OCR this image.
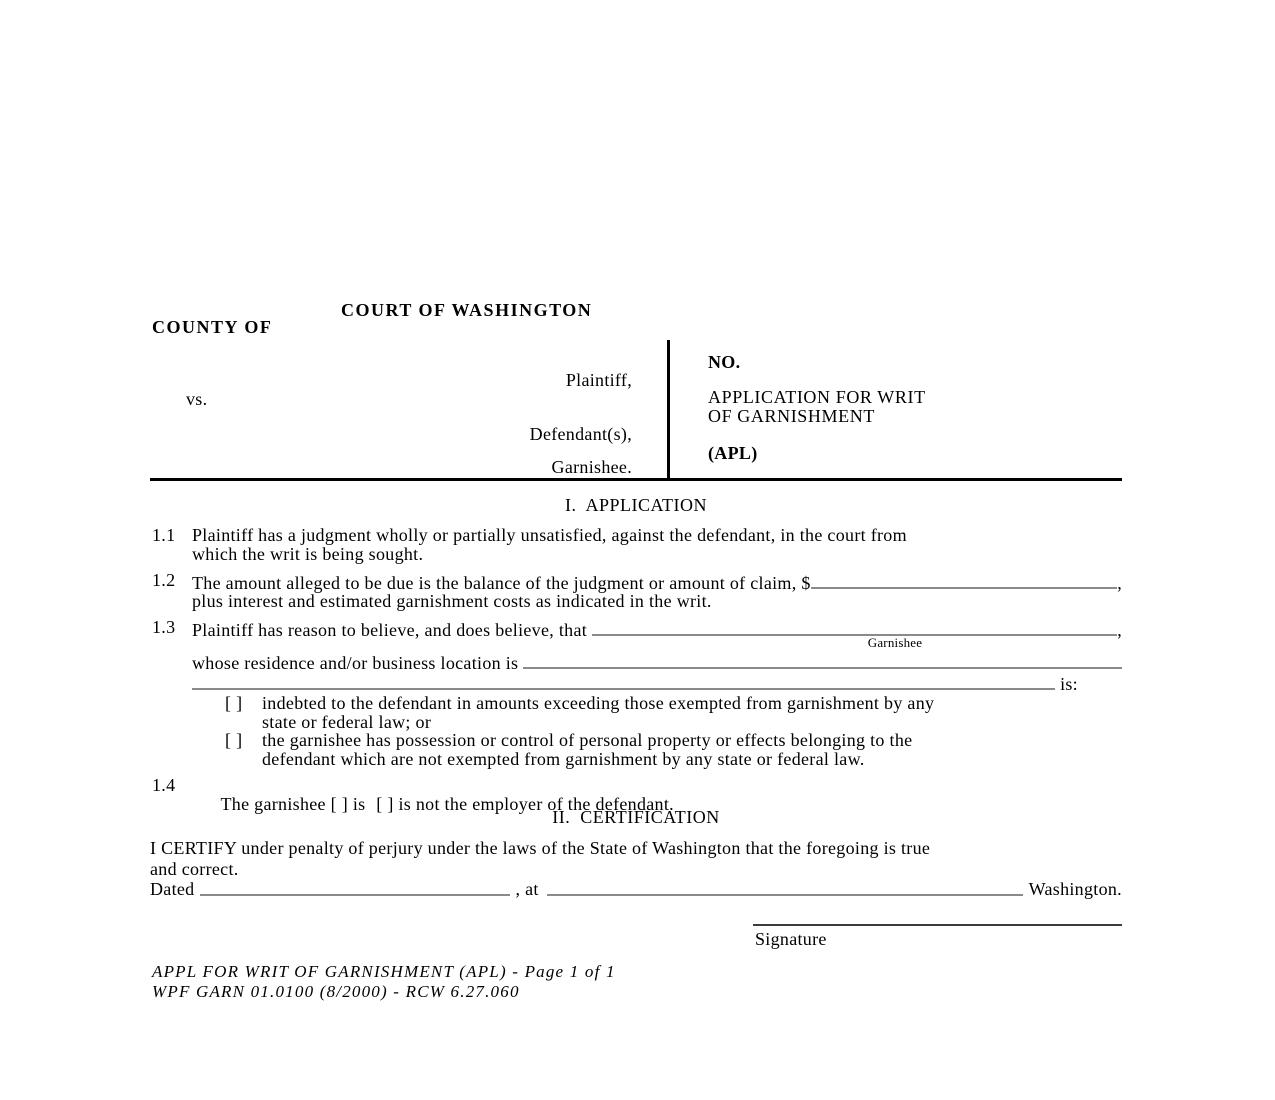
COURT OF WASHINGTON
COUNTY OF
Plaintiff,
vs.
Defendant(s),
Garnishee.
NO.
APPLICATION FOR WRIT
OF GARNISHMENT
(APL)
I.  APPLICATION
1.1 Plaintiff has a judgment wholly or partially unsatisfied, against the defendant, in the court from
which the writ is being sought.
1.2 The amount alleged to be due is the balance of the judgment or amount of claim, $	,
plus interest and estimated garnishment costs as indicated in the writ.
1.3 Plaintiff has reason to believe, and does believe, that	,
whose residence and/or business location is
is:
Garnishee
[ ]	indebted to the defendant in amounts exceeding those exempted from garnishment by any
state or federal law; or
[ ]	the garnishee has possession or control of personal property or effects belonging to the
defendant which are not exempted from garnishment by any state or federal law.
1.4

The garnishee [ ] is [ ] is not the employer of the defendant.

II.  CERTIFICATION
I CERTIFY under penalty of perjury under the laws of the State of Washington that the foregoing is true
and correct.
Dated	, at	Washington.
Signature
APPL FOR WRIT OF GARNISHMENT (APL) - Page 1 of 1
WPF GARN 01.0100 (8/2000) - RCW 6.27.060
